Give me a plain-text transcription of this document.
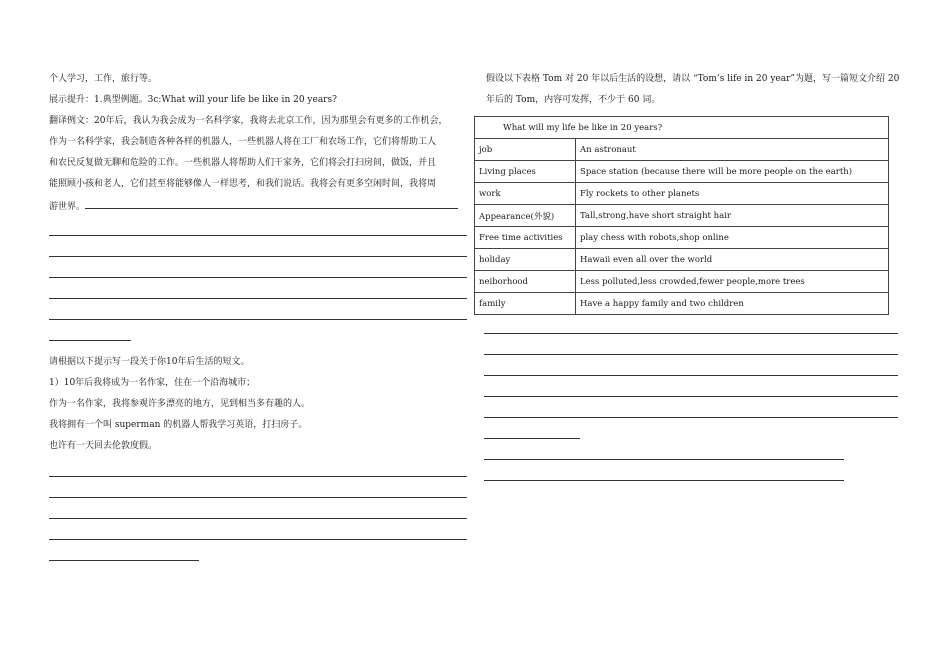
个人学习，工作，旅行等。
展示提升：1.典型例题。3c:What will your life be like in 20 years?
翻译例文：20年后，我认为我会成为一名科学家，我将去北京工作，因为那里会有更多的工作机会，
作为一名科学家，我会制造各种各样的机器人，一些机器人将在工厂和农场工作，它们将帮助工人
和农民反复做无聊和危险的工作。一些机器人将帮助人们干家务，它们将会打扫房间，做饭，并且
能照顾小孩和老人，它们甚至将能够像人一样思考，和我们说话。我将会有更多空闲时间，我将周
游世界。
请根据以下提示写一段关于你10年后生活的短文。
1）10年后我将成为一名作家，住在一个沿海城市；
作为一名作家，我将参观许多漂亮的地方，见到相当多有趣的人。
我将拥有一个叫 superman 的机器人帮我学习英语，打扫房子。
也许有一天回去伦敦度假。
假设以下表格 Tom 对 20 年以后生活的设想，请以 “Tom’s life in 20 year”为题，写一篇短文介绍 20
年后的 Tom，内容可发挥，不少于 60 词。
What will my life be like in 20 years?	
job	An astronaut
Living places	Space station (because there will be more people on the earth)
work	Fly rockets to other planets
Appearance(外貌)	Tall,strong,have short straight hair
Free time activities	play chess with robots,shop online
holiday	Hawaii even all over the world
neiborhood	Less polluted,less crowded,fewer people,more trees
family	Have a happy family and two children
